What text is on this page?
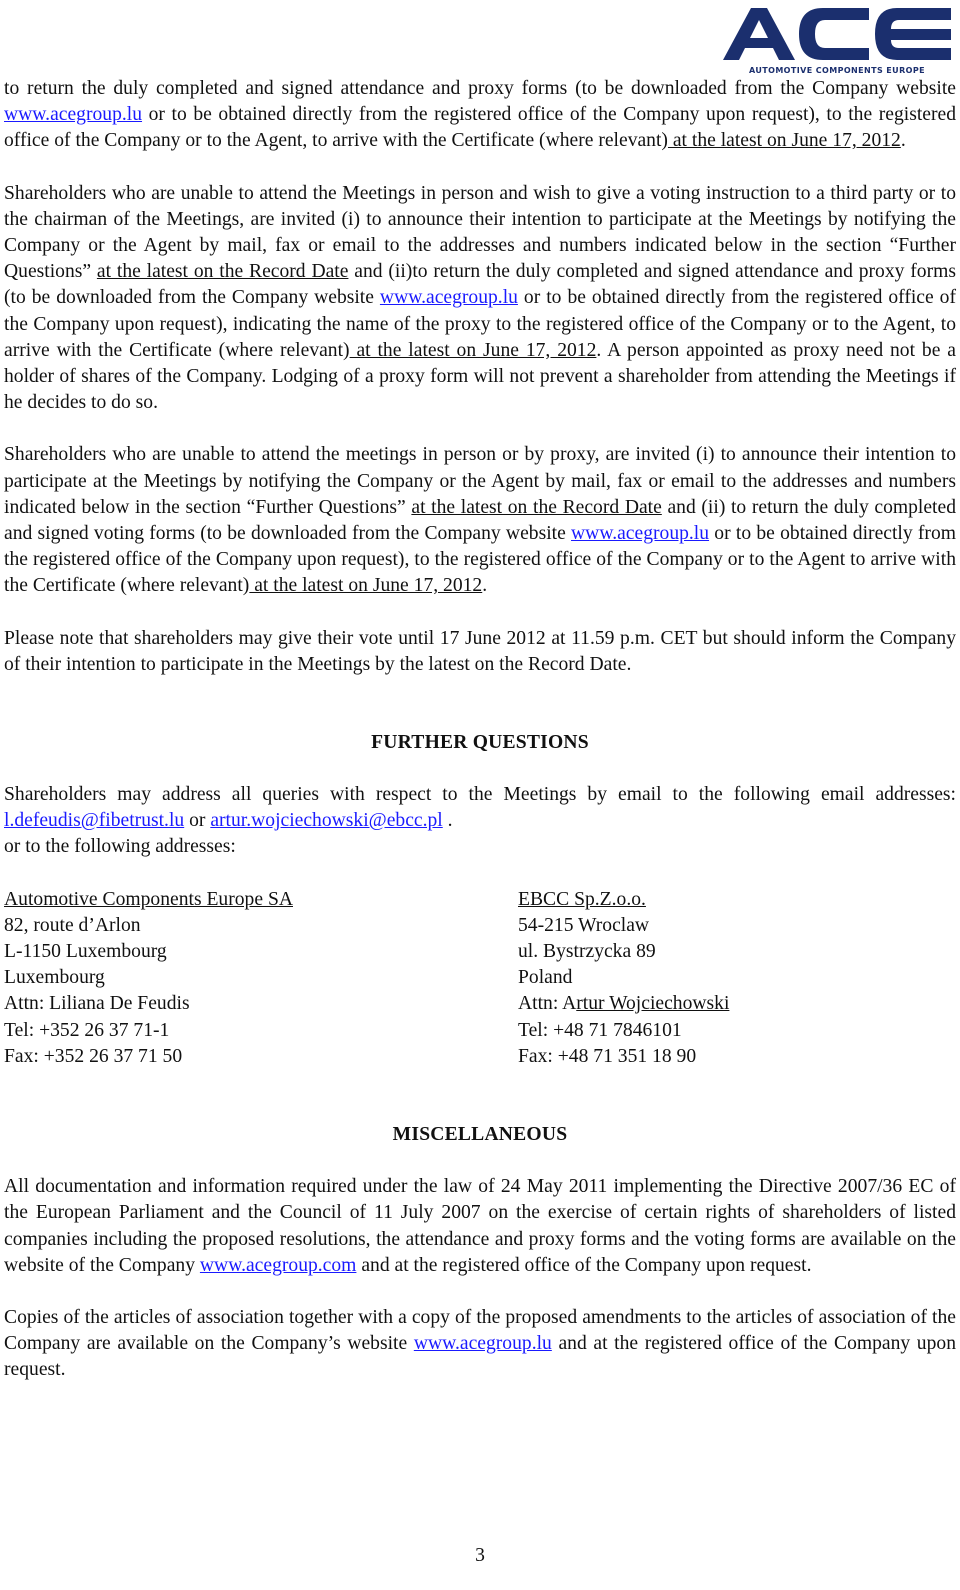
AUTOMOTIVE COMPONENTS EUROPE

to return the duly completed and signed attendance and proxy forms (to be downloaded from the Company website www.acegroup.lu or to be obtained directly from the registered office of the Company upon request), to the registered office of the Company or to the Agent, to arrive with the Certificate (where relevant) at the latest on June 17, 2012.

Shareholders who are unable to attend the Meetings in person and wish to give a voting instruction to a third party or to the chairman of the Meetings, are invited (i) to announce their intention to participate at the Meetings by notifying the Company or the Agent by mail, fax or email to the addresses and numbers indicated below in the section “Further Questions” at the latest on the Record Date and (ii)to return the duly completed and signed attendance and proxy forms (to be downloaded from the Company website www.acegroup.lu or to be obtained directly from the registered office of the Company upon request), indicating the name of the proxy to the registered office of the Company or to the Agent, to arrive with the Certificate (where relevant) at the latest on June 17, 2012. A person appointed as proxy need not be a holder of shares of the Company. Lodging of a proxy form will not prevent a shareholder from attending the Meetings if he decides to do so.

Shareholders who are unable to attend the meetings in person or by proxy, are invited (i) to announce their intention to participate at the Meetings by notifying the Company or the Agent by mail, fax or email to the addresses and numbers indicated below in the section “Further Questions” at the latest on the Record Date and (ii) to return the duly completed and signed voting forms (to be downloaded from the Company website www.acegroup.lu or to be obtained directly from the registered office of the Company upon request), to the registered office of the Company or to the Agent to arrive with the Certificate (where relevant) at the latest on June 17, 2012.

Please note that shareholders may give their vote until 17 June 2012 at 11.59 p.m. CET but should inform the Company of their intention to participate in the Meetings by the latest on the Record Date.

FURTHER QUESTIONS

Shareholders may address all queries with respect to the Meetings by email to the following email addresses: l.defeudis@fibetrust.lu or artur.wojciechowski@ebcc.pl .

or to the following addresses:

Automotive Components Europe SA
82, route d’Arlon
L-1150 Luxembourg
Luxembourg
Attn: Liliana De Feudis
Tel: +352 26 37 71-1
Fax: +352 26 37 71 50
EBCC Sp.Z.o.o.
54-215 Wroclaw
ul. Bystrzycka 89
Poland
Attn: Artur Wojciechowski
Tel: +48 71 7846101
Fax: +48 71 351 18 90
MISCELLANEOUS

All documentation and information required under the law of 24 May 2011 implementing the Directive 2007/36 EC of the European Parliament and the Council of 11 July 2007 on the exercise of certain rights of shareholders of listed companies including the proposed resolutions, the attendance and proxy forms and the voting forms are available on the website of the Company www.acegroup.com and at the registered office of the Company upon request.

Copies of the articles of association together with a copy of the proposed amendments to the articles of association of the Company are available on the Company’s website www.acegroup.lu and at the registered office of the Company upon request.

3
